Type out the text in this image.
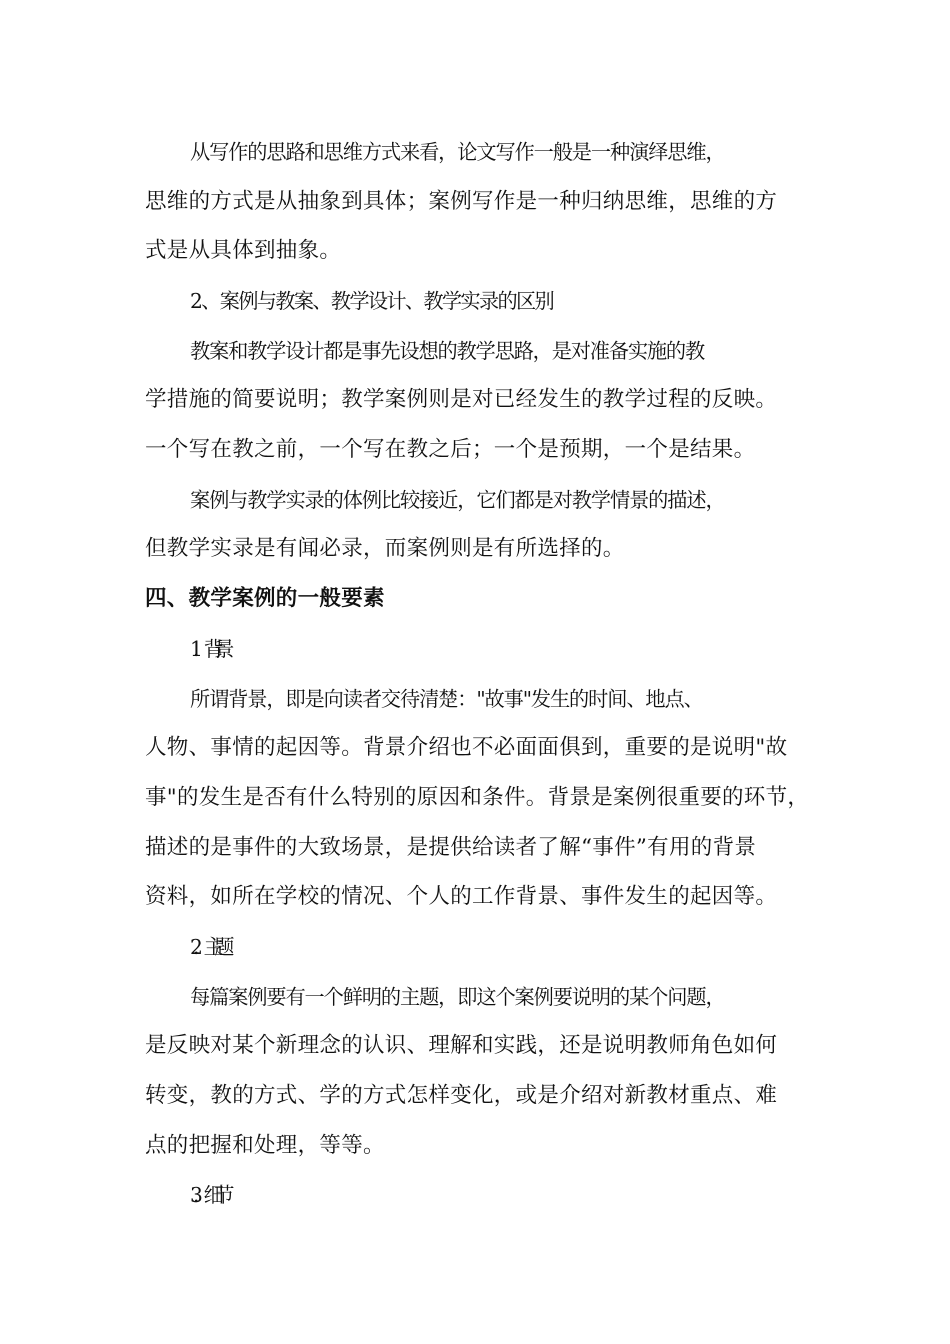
从写作的思路和思维方式来看，论文写作一般是一种演绎思维，
思维的方式是从抽象到具体；案例写作是一种归纳思维，思维的方
式是从具体到抽象。
2、案例与教案、教学设计、教学实录的区别
教案和教学设计都是事先设想的教学思路，是对准备实施的教
学措施的简要说明；教学案例则是对已经发生的教学过程的反映。
一个写在教之前，一个写在教之后；一个是预期，一个是结果。
案例与教学实录的体例比较接近，它们都是对教学情景的描述，
但教学实录是有闻必录，而案例则是有所选择的。
四、教学案例的一般要素
1．背景
所谓背景，即是向读者交待清楚："故事"发生的时间、地点、
人物、事情的起因等。背景介绍也不必面面俱到，重要的是说明"故
事"的发生是否有什么特别的原因和条件。背景是案例很重要的环节，
描述的是事件的大致场景，是提供给读者了解“事件”有用的背景
资料，如所在学校的情况、个人的工作背景、事件发生的起因等。
2．主题
每篇案例要有一个鲜明的主题，即这个案例要说明的某个问题，
是反映对某个新理念的认识、理解和实践，还是说明教师角色如何
转变，教的方式、学的方式怎样变化，或是介绍对新教材重点、难
点的把握和处理，等等。
3．细节
